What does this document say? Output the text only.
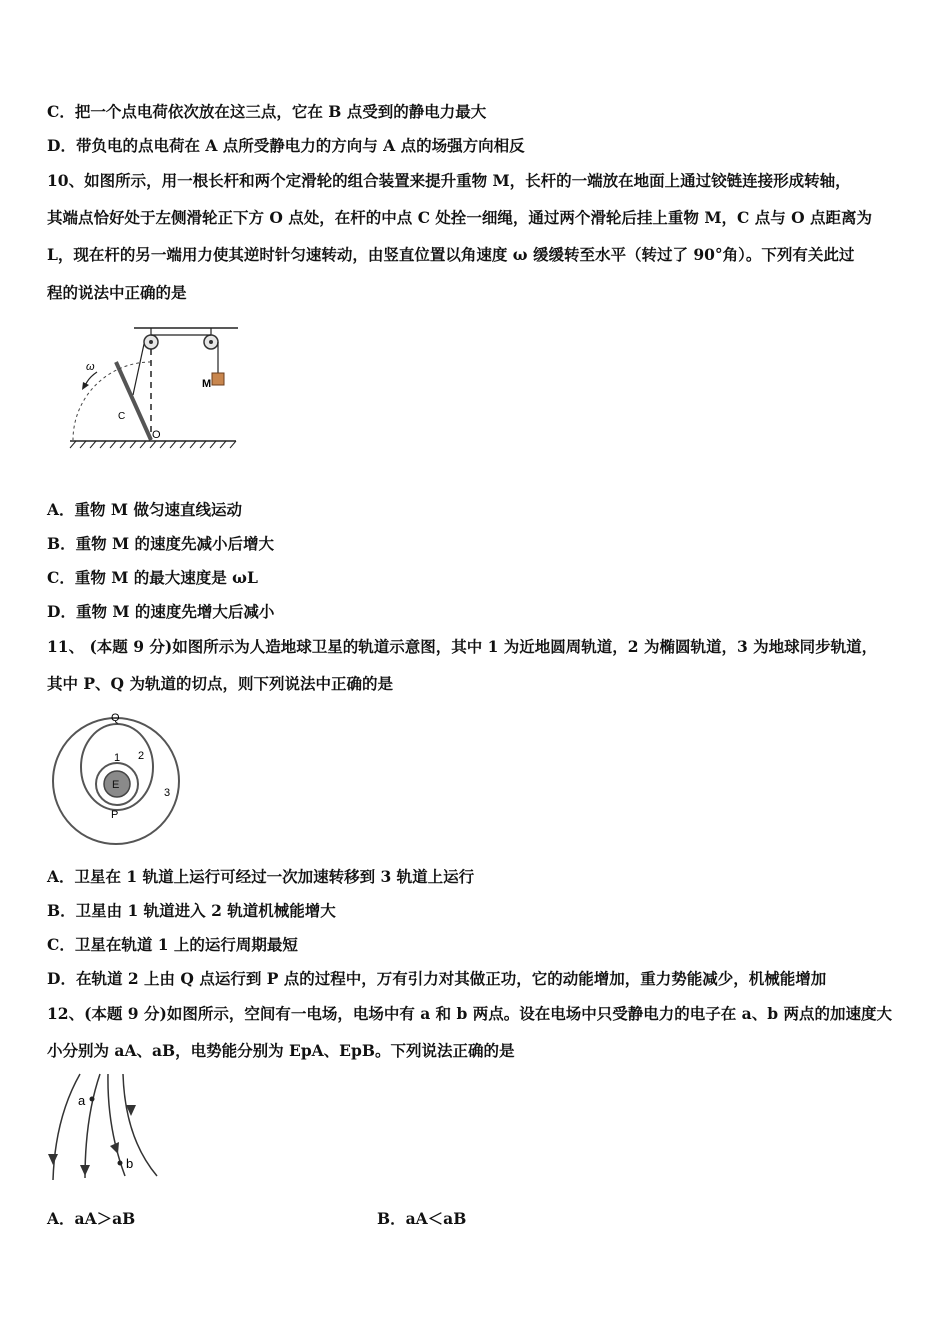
C．把一个点电荷依次放在这三点，它在 B 点受到的静电力最大
D．带负电的点电荷在 A 点所受静电力的方向与 A 点的场强方向相反
10、如图所示，用一根长杆和两个定滑轮的组合装置来提升重物 M，长杆的一端放在地面上通过铰链连接形成转轴，
其端点恰好处于左侧滑轮正下方 O 点处，在杆的中点 C 处拴一细绳，通过两个滑轮后挂上重物 M，C 点与 O 点距离为
L，现在杆的另一端用力使其逆时针匀速转动，由竖直位置以角速度 ω 缓缓转至水平（转过了 90°角）。下列有关此过
程的说法中正确的是
M
ω
C
O
A．重物 M 做匀速直线运动
B．重物 M 的速度先减小后增大
C．重物 M 的最大速度是 ωL
D．重物 M 的速度先增大后减小
11、 (本题 9 分)如图所示为人造地球卫星的轨道示意图，其中 1 为近地圆周轨道，2 为椭圆轨道，3 为地球同步轨道，
其中 P、Q 为轨道的切点，则下列说法中正确的是
E
Q
P
1 2
3
A．卫星在 1 轨道上运行可经过一次加速转移到 3 轨道上运行
B．卫星由 1 轨道进入 2 轨道机械能增大
C．卫星在轨道 1 上的运行周期最短
D．在轨道 2 上由 Q 点运行到 P 点的过程中，万有引力对其做正功，它的动能增加，重力势能减少，机械能增加
12、(本题 9 分)如图所示，空间有一电场，电场中有 a 和 b 两点。设在电场中只受静电力的电子在 a、b 两点的加速度大
小分别为 aA、aB，电势能分别为 EpA、EpB。下列说法正确的是
a
b
A．aA＞aB	B．aA＜aB
